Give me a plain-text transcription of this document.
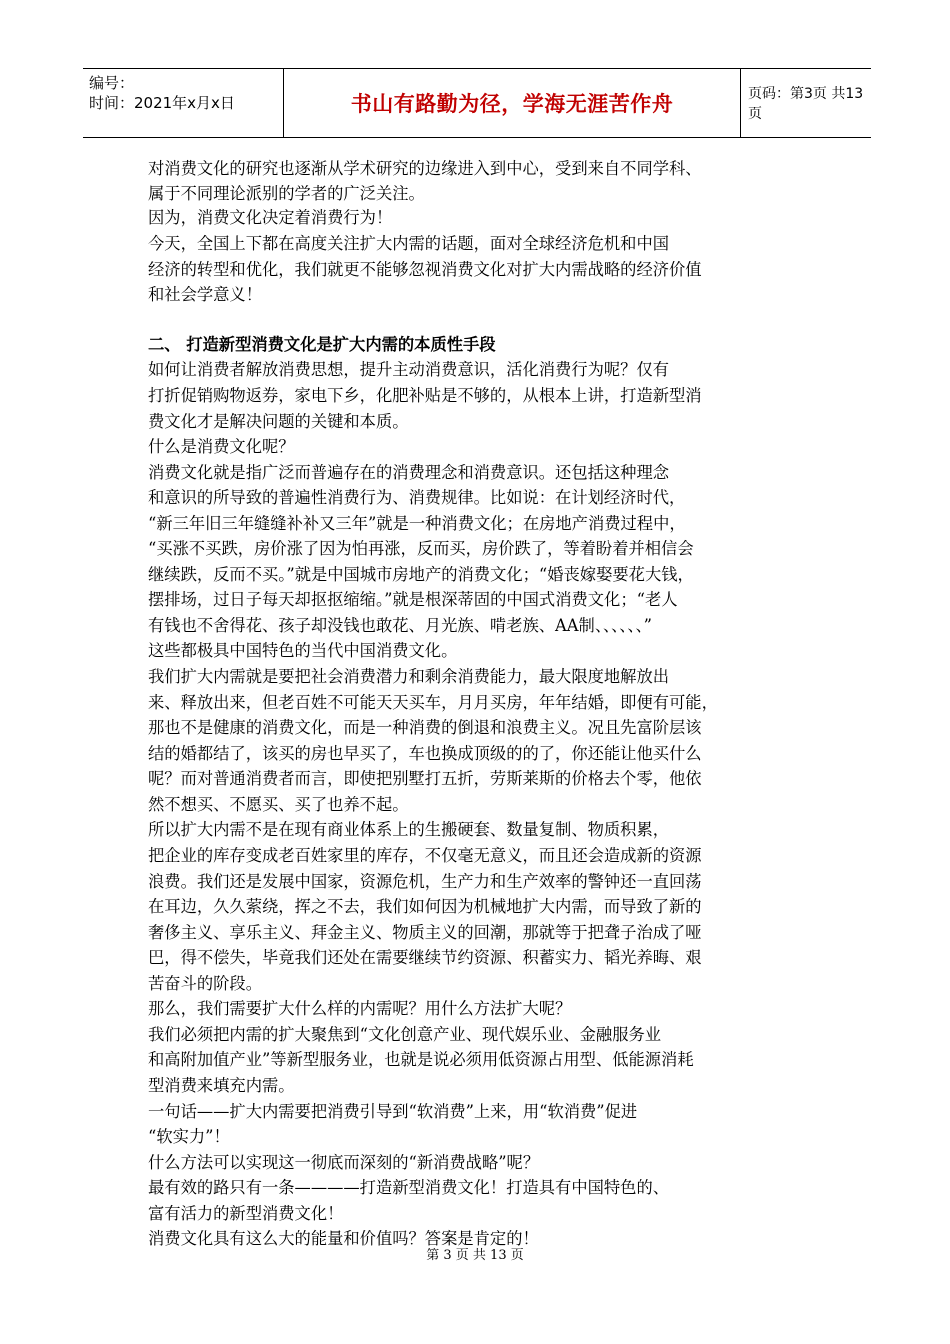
编号：
时间：2021年x月x日	书山有路勤为径，学海无涯苦作舟	页码：第3页 共13页
对消费文化的研究也逐渐从学术研究的边缘进入到中心，受到来自不同学科、
属于不同理论派别的学者的广泛关注。
因为，消费文化决定着消费行为！
今天，全国上下都在高度关注扩大内需的话题，面对全球经济危机和中国
经济的转型和优化，我们就更不能够忽视消费文化对扩大内需战略的经济价值
和社会学意义！
二、 打造新型消费文化是扩大内需的本质性手段
如何让消费者解放消费思想，提升主动消费意识，活化消费行为呢？仅有
打折促销购物返券，家电下乡，化肥补贴是不够的，从根本上讲，打造新型消
费文化才是解决问题的关键和本质。
什么是消费文化呢？
消费文化就是指广泛而普遍存在的消费理念和消费意识。还包括这种理念
和意识的所导致的普遍性消费行为、消费规律。比如说：在计划经济时代，
“新三年旧三年缝缝补补又三年”就是一种消费文化；在房地产消费过程中，
“买涨不买跌，房价涨了因为怕再涨，反而买，房价跌了，等着盼着并相信会
继续跌，反而不买。”就是中国城市房地产的消费文化；“婚丧嫁娶要花大钱，
摆排场，过日子每天却抠抠缩缩。”就是根深蒂固的中国式消费文化；“老人
有钱也不舍得花、孩子却没钱也敢花、月光族、啃老族、AA制、、、、、、”
这些都极具中国特色的当代中国消费文化。
我们扩大内需就是要把社会消费潜力和剩余消费能力，最大限度地解放出
来、释放出来，但老百姓不可能天天买车，月月买房，年年结婚，即便有可能，
那也不是健康的消费文化，而是一种消费的倒退和浪费主义。况且先富阶层该
结的婚都结了，该买的房也早买了，车也换成顶级的的了，你还能让他买什么
呢？而对普通消费者而言，即使把别墅打五折，劳斯莱斯的价格去个零，他依
然不想买、不愿买、买了也养不起。
所以扩大内需不是在现有商业体系上的生搬硬套、数量复制、物质积累，
把企业的库存变成老百姓家里的库存，不仅毫无意义，而且还会造成新的资源
浪费。我们还是发展中国家，资源危机，生产力和生产效率的警钟还一直回荡
在耳边，久久萦绕，挥之不去，我们如何因为机械地扩大内需，而导致了新的
奢侈主义、享乐主义、拜金主义、物质主义的回潮，那就等于把聋子治成了哑
巴，得不偿失，毕竟我们还处在需要继续节约资源、积蓄实力、韬光养晦、艰
苦奋斗的阶段。
那么，我们需要扩大什么样的内需呢？用什么方法扩大呢？
我们必须把内需的扩大聚焦到“文化创意产业、现代娱乐业、金融服务业
和高附加值产业”等新型服务业，也就是说必须用低资源占用型、低能源消耗
型消费来填充内需。
一句话——扩大内需要把消费引导到“软消费”上来，用“软消费”促进
“软实力”！
什么方法可以实现这一彻底而深刻的“新消费战略”呢？
最有效的路只有一条————打造新型消费文化！打造具有中国特色的、
富有活力的新型消费文化！
消费文化具有这么大的能量和价值吗？答案是肯定的！
第 3 页 共 13 页
